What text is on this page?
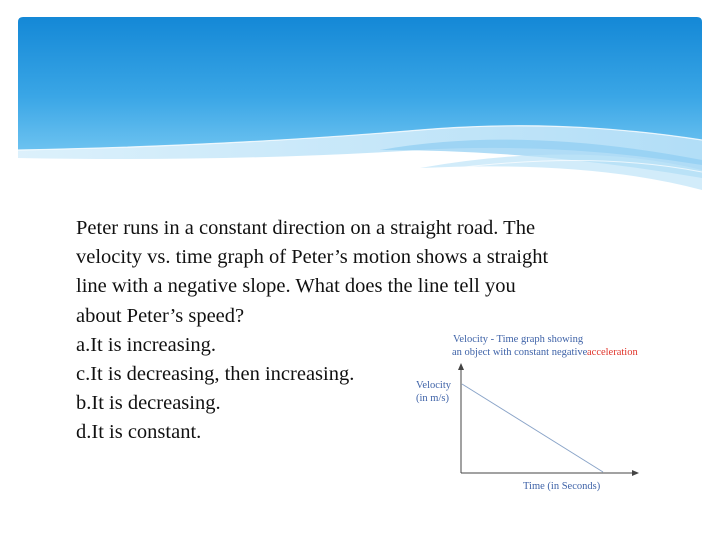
Peter runs in a constant direction on a straight road. The
velocity vs. time graph of Peter’s motion shows a straight
line with a negative slope. What does the line tell you
about Peter’s speed?
a.It is increasing.
c.It is decreasing, then increasing.
b.It is decreasing.
d.It is constant.
Velocity - Time graph showing
an object with constant negative acceleration
Velocity
(in m/s)
Time (in Seconds)
